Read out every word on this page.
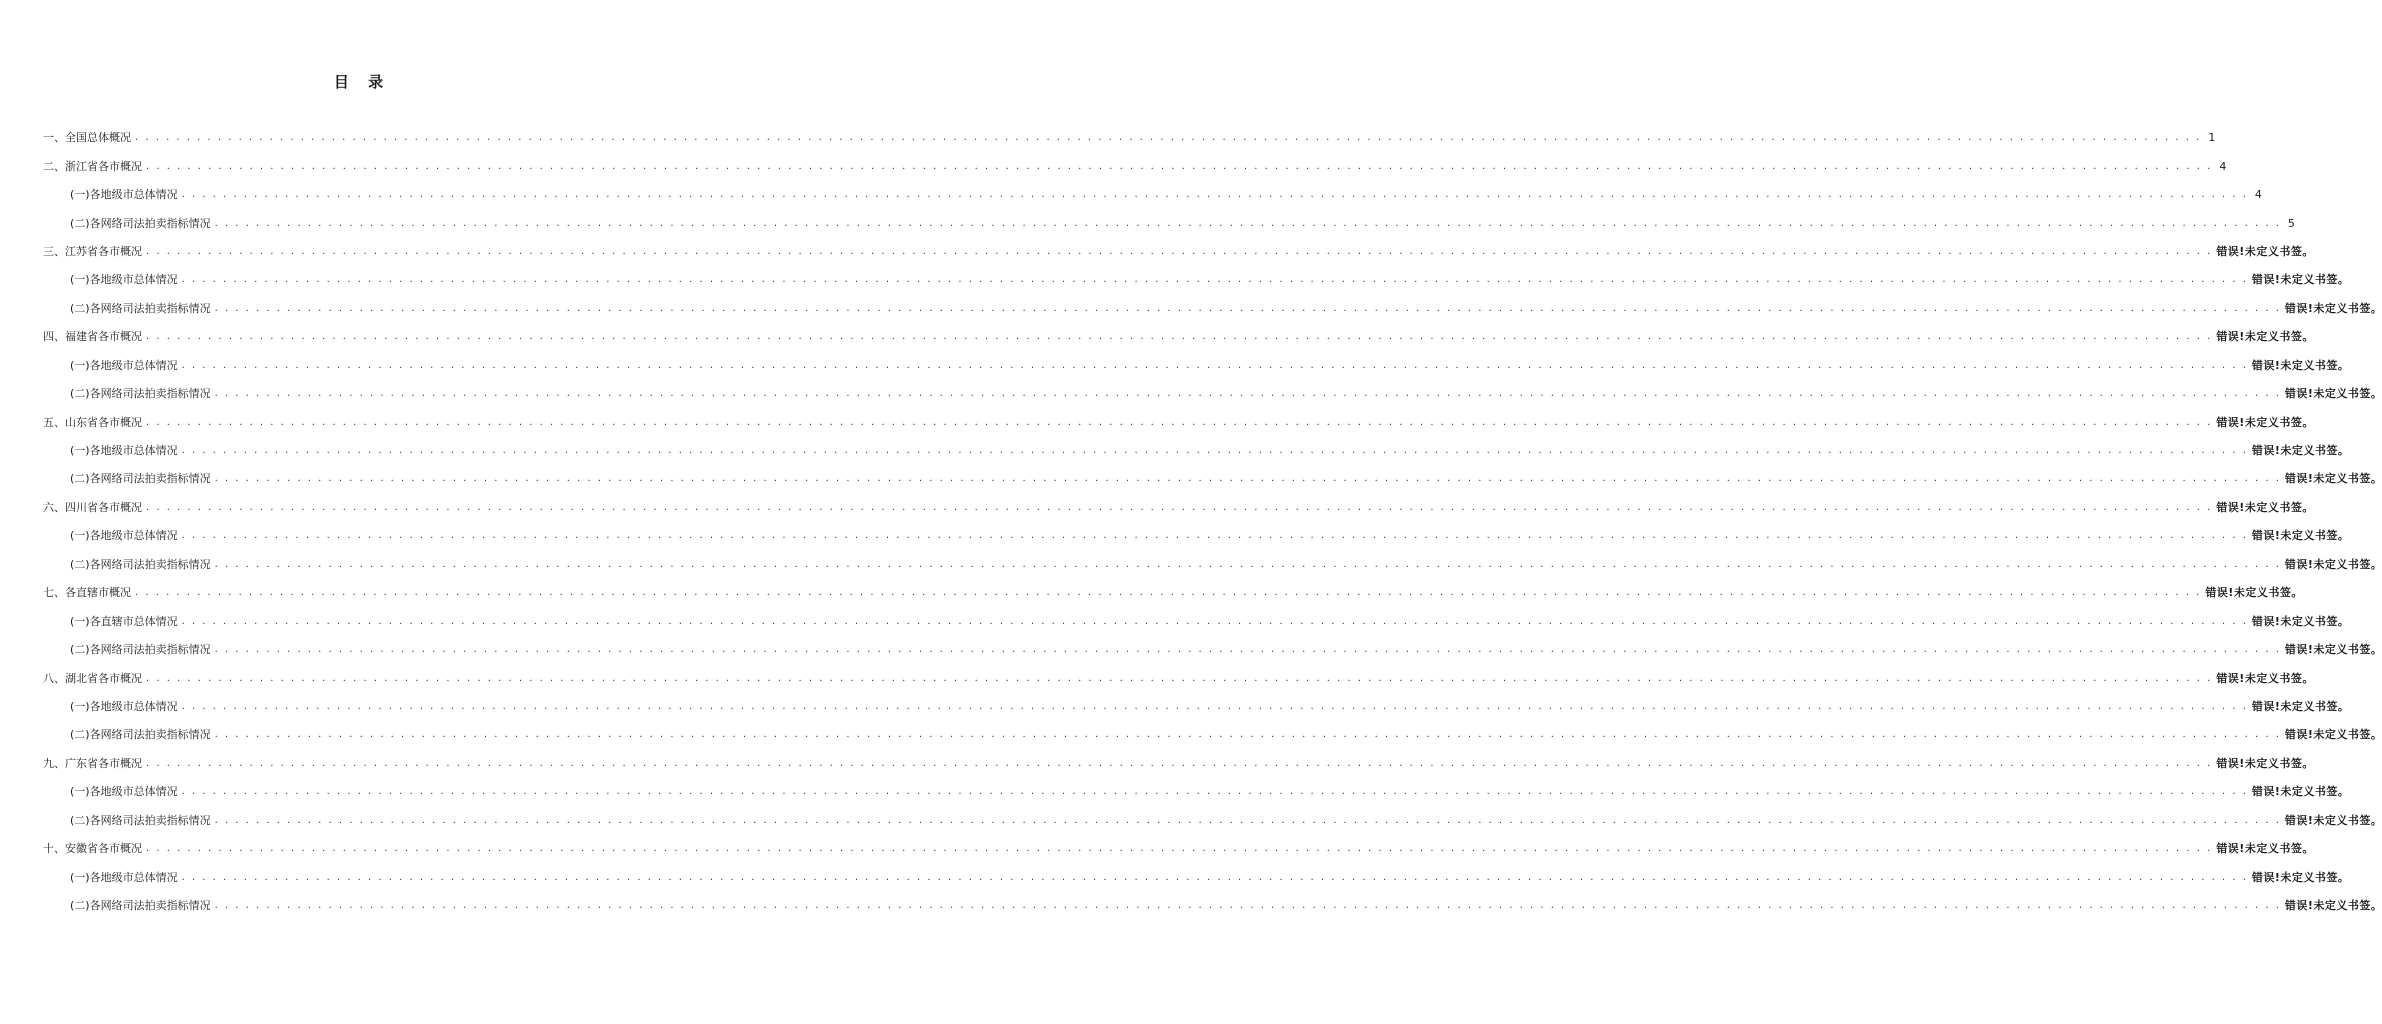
目 录
一、 全国总体概况 . . . . . . . . . . . . . . . . . . . . . . . . . . . . . . . . . . . . . . . . . . . . . . . . . . . . . . . . . . . . . . . . . . . . . . . . . . . . . . . . . . . . . . . . . . . . . . . . . . . . . . . . . . . . . . . . . . . . . . . . . . . . . . . . . . . . . . . . . . . . . . . . . . . . . . . . . . . . . . . . . . . . . . . . . . . . . . . . . . . . . . . . . . . . . . . . . . . . . . . . 1
二、 浙江省各市概况 . . . . . . . . . . . . . . . . . . . . . . . . . . . . . . . . . . . . . . . . . . . . . . . . . . . . . . . . . . . . . . . . . . . . . . . . . . . . . . . . . . . . . . . . . . . . . . . . . . . . . . . . . . . . . . . . . . . . . . . . . . . . . . . . . . . . . . . . . . . . . . . . . . . . . . . . . . . . . . . . . . . . . . . . . . . . . . . . . . . . . . . . . . . . . . . . . . . . . . . . 4
(一) 各地级市总体情况 . . . . . . . . . . . . . . . . . . . . . . . . . . . . . . . . . . . . . . . . . . . . . . . . . . . . . . . . . . . . . . . . . . . . . . . . . . . . . . . . . . . . . . . . . . . . . . . . . . . . . . . . . . . . . . . . . . . . . . . . . . . . . . . . . . . . . . . . . . . . . . . . . . . . . . . . . . . . . . . . . . . . . . . . . . . . . . . . . . . . . . . . . . . . . . . . . . . . . . . . 4
(二) 各网络司法拍卖指标情况 . . . . . . . . . . . . . . . . . . . . . . . . . . . . . . . . . . . . . . . . . . . . . . . . . . . . . . . . . . . . . . . . . . . . . . . . . . . . . . . . . . . . . . . . . . . . . . . . . . . . . . . . . . . . . . . . . . . . . . . . . . . . . . . . . . . . . . . . . . . . . . . . . . . . . . . . . . . . . . . . . . . . . . . . . . . . . . . . . . . . . . . . . . . . . . . . . . . . . . . . 5
三、 江苏省各市概况 . . . . . . . . . . . . . . . . . . . . . . . . . . . . . . . . . . . . . . . . . . . . . . . . . . . . . . . . . . . . . . . . . . . . . . . . . . . . . . . . . . . . . . . . . . . . . . . . . . . . . . . . . . . . . . . . . . . . . . . . . . . . . . . . . . . . . . . . . . . . . . . . . . . . . . . . . . . . . . . . . . . . . . . . . . . . . . . . . . . . . . . . . . . . . . . . . . . . . . . . 错误!未定义书签。
(一) 各地级市总体情况 . . . . . . . . . . . . . . . . . . . . . . . . . . . . . . . . . . . . . . . . . . . . . . . . . . . . . . . . . . . . . . . . . . . . . . . . . . . . . . . . . . . . . . . . . . . . . . . . . . . . . . . . . . . . . . . . . . . . . . . . . . . . . . . . . . . . . . . . . . . . . . . . . . . . . . . . . . . . . . . . . . . . . . . . . . . . . . . . . . . . . . . . . . . . . . . . . . . . . . . . 错误!未定义书签。
(二) 各网络司法拍卖指标情况 . . . . . . . . . . . . . . . . . . . . . . . . . . . . . . . . . . . . . . . . . . . . . . . . . . . . . . . . . . . . . . . . . . . . . . . . . . . . . . . . . . . . . . . . . . . . . . . . . . . . . . . . . . . . . . . . . . . . . . . . . . . . . . . . . . . . . . . . . . . . . . . . . . . . . . . . . . . . . . . . . . . . . . . . . . . . . . . . . . . . . . . . . . . . . . . . . . . . . . . . 错误!未定义书签。
四、 福建省各市概况 . . . . . . . . . . . . . . . . . . . . . . . . . . . . . . . . . . . . . . . . . . . . . . . . . . . . . . . . . . . . . . . . . . . . . . . . . . . . . . . . . . . . . . . . . . . . . . . . . . . . . . . . . . . . . . . . . . . . . . . . . . . . . . . . . . . . . . . . . . . . . . . . . . . . . . . . . . . . . . . . . . . . . . . . . . . . . . . . . . . . . . . . . . . . . . . . . . . . . . . . 错误!未定义书签。
(一) 各地级市总体情况 . . . . . . . . . . . . . . . . . . . . . . . . . . . . . . . . . . . . . . . . . . . . . . . . . . . . . . . . . . . . . . . . . . . . . . . . . . . . . . . . . . . . . . . . . . . . . . . . . . . . . . . . . . . . . . . . . . . . . . . . . . . . . . . . . . . . . . . . . . . . . . . . . . . . . . . . . . . . . . . . . . . . . . . . . . . . . . . . . . . . . . . . . . . . . . . . . . . . . . . . 错误!未定义书签。
(二) 各网络司法拍卖指标情况 . . . . . . . . . . . . . . . . . . . . . . . . . . . . . . . . . . . . . . . . . . . . . . . . . . . . . . . . . . . . . . . . . . . . . . . . . . . . . . . . . . . . . . . . . . . . . . . . . . . . . . . . . . . . . . . . . . . . . . . . . . . . . . . . . . . . . . . . . . . . . . . . . . . . . . . . . . . . . . . . . . . . . . . . . . . . . . . . . . . . . . . . . . . . . . . . . . . . . . . . 错误!未定义书签。
五、 山东省各市概况 . . . . . . . . . . . . . . . . . . . . . . . . . . . . . . . . . . . . . . . . . . . . . . . . . . . . . . . . . . . . . . . . . . . . . . . . . . . . . . . . . . . . . . . . . . . . . . . . . . . . . . . . . . . . . . . . . . . . . . . . . . . . . . . . . . . . . . . . . . . . . . . . . . . . . . . . . . . . . . . . . . . . . . . . . . . . . . . . . . . . . . . . . . . . . . . . . . . . . . . . 错误!未定义书签。
(一) 各地级市总体情况 . . . . . . . . . . . . . . . . . . . . . . . . . . . . . . . . . . . . . . . . . . . . . . . . . . . . . . . . . . . . . . . . . . . . . . . . . . . . . . . . . . . . . . . . . . . . . . . . . . . . . . . . . . . . . . . . . . . . . . . . . . . . . . . . . . . . . . . . . . . . . . . . . . . . . . . . . . . . . . . . . . . . . . . . . . . . . . . . . . . . . . . . . . . . . . . . . . . . . . . . 错误!未定义书签。
(二) 各网络司法拍卖指标情况 . . . . . . . . . . . . . . . . . . . . . . . . . . . . . . . . . . . . . . . . . . . . . . . . . . . . . . . . . . . . . . . . . . . . . . . . . . . . . . . . . . . . . . . . . . . . . . . . . . . . . . . . . . . . . . . . . . . . . . . . . . . . . . . . . . . . . . . . . . . . . . . . . . . . . . . . . . . . . . . . . . . . . . . . . . . . . . . . . . . . . . . . . . . . . . . . . . . . . . . . 错误!未定义书签。
六、 四川省各市概况 . . . . . . . . . . . . . . . . . . . . . . . . . . . . . . . . . . . . . . . . . . . . . . . . . . . . . . . . . . . . . . . . . . . . . . . . . . . . . . . . . . . . . . . . . . . . . . . . . . . . . . . . . . . . . . . . . . . . . . . . . . . . . . . . . . . . . . . . . . . . . . . . . . . . . . . . . . . . . . . . . . . . . . . . . . . . . . . . . . . . . . . . . . . . . . . . . . . . . . . . 错误!未定义书签。
(一) 各地级市总体情况 . . . . . . . . . . . . . . . . . . . . . . . . . . . . . . . . . . . . . . . . . . . . . . . . . . . . . . . . . . . . . . . . . . . . . . . . . . . . . . . . . . . . . . . . . . . . . . . . . . . . . . . . . . . . . . . . . . . . . . . . . . . . . . . . . . . . . . . . . . . . . . . . . . . . . . . . . . . . . . . . . . . . . . . . . . . . . . . . . . . . . . . . . . . . . . . . . . . . . . . . 错误!未定义书签。
(二) 各网络司法拍卖指标情况 . . . . . . . . . . . . . . . . . . . . . . . . . . . . . . . . . . . . . . . . . . . . . . . . . . . . . . . . . . . . . . . . . . . . . . . . . . . . . . . . . . . . . . . . . . . . . . . . . . . . . . . . . . . . . . . . . . . . . . . . . . . . . . . . . . . . . . . . . . . . . . . . . . . . . . . . . . . . . . . . . . . . . . . . . . . . . . . . . . . . . . . . . . . . . . . . . . . . . . . . 错误!未定义书签。
七、 各直辖市概况 . . . . . . . . . . . . . . . . . . . . . . . . . . . . . . . . . . . . . . . . . . . . . . . . . . . . . . . . . . . . . . . . . . . . . . . . . . . . . . . . . . . . . . . . . . . . . . . . . . . . . . . . . . . . . . . . . . . . . . . . . . . . . . . . . . . . . . . . . . . . . . . . . . . . . . . . . . . . . . . . . . . . . . . . . . . . . . . . . . . . . . . . . . . . . . . . . . . . . . . . 错误!未定义书签。
(一) 各直辖市总体情况 . . . . . . . . . . . . . . . . . . . . . . . . . . . . . . . . . . . . . . . . . . . . . . . . . . . . . . . . . . . . . . . . . . . . . . . . . . . . . . . . . . . . . . . . . . . . . . . . . . . . . . . . . . . . . . . . . . . . . . . . . . . . . . . . . . . . . . . . . . . . . . . . . . . . . . . . . . . . . . . . . . . . . . . . . . . . . . . . . . . . . . . . . . . . . . . . . . . . . . . . 错误!未定义书签。
(二) 各网络司法拍卖指标情况 . . . . . . . . . . . . . . . . . . . . . . . . . . . . . . . . . . . . . . . . . . . . . . . . . . . . . . . . . . . . . . . . . . . . . . . . . . . . . . . . . . . . . . . . . . . . . . . . . . . . . . . . . . . . . . . . . . . . . . . . . . . . . . . . . . . . . . . . . . . . . . . . . . . . . . . . . . . . . . . . . . . . . . . . . . . . . . . . . . . . . . . . . . . . . . . . . . . . . . . . 错误!未定义书签。
八、 湖北省各市概况 . . . . . . . . . . . . . . . . . . . . . . . . . . . . . . . . . . . . . . . . . . . . . . . . . . . . . . . . . . . . . . . . . . . . . . . . . . . . . . . . . . . . . . . . . . . . . . . . . . . . . . . . . . . . . . . . . . . . . . . . . . . . . . . . . . . . . . . . . . . . . . . . . . . . . . . . . . . . . . . . . . . . . . . . . . . . . . . . . . . . . . . . . . . . . . . . . . . . . . . . 错误!未定义书签。
(一) 各地级市总体情况 . . . . . . . . . . . . . . . . . . . . . . . . . . . . . . . . . . . . . . . . . . . . . . . . . . . . . . . . . . . . . . . . . . . . . . . . . . . . . . . . . . . . . . . . . . . . . . . . . . . . . . . . . . . . . . . . . . . . . . . . . . . . . . . . . . . . . . . . . . . . . . . . . . . . . . . . . . . . . . . . . . . . . . . . . . . . . . . . . . . . . . . . . . . . . . . . . . . . . . . . 错误!未定义书签。
(二) 各网络司法拍卖指标情况 . . . . . . . . . . . . . . . . . . . . . . . . . . . . . . . . . . . . . . . . . . . . . . . . . . . . . . . . . . . . . . . . . . . . . . . . . . . . . . . . . . . . . . . . . . . . . . . . . . . . . . . . . . . . . . . . . . . . . . . . . . . . . . . . . . . . . . . . . . . . . . . . . . . . . . . . . . . . . . . . . . . . . . . . . . . . . . . . . . . . . . . . . . . . . . . . . . . . . . . . 错误!未定义书签。
九、 广东省各市概况 . . . . . . . . . . . . . . . . . . . . . . . . . . . . . . . . . . . . . . . . . . . . . . . . . . . . . . . . . . . . . . . . . . . . . . . . . . . . . . . . . . . . . . . . . . . . . . . . . . . . . . . . . . . . . . . . . . . . . . . . . . . . . . . . . . . . . . . . . . . . . . . . . . . . . . . . . . . . . . . . . . . . . . . . . . . . . . . . . . . . . . . . . . . . . . . . . . . . . . . . 错误!未定义书签。
(一) 各地级市总体情况 . . . . . . . . . . . . . . . . . . . . . . . . . . . . . . . . . . . . . . . . . . . . . . . . . . . . . . . . . . . . . . . . . . . . . . . . . . . . . . . . . . . . . . . . . . . . . . . . . . . . . . . . . . . . . . . . . . . . . . . . . . . . . . . . . . . . . . . . . . . . . . . . . . . . . . . . . . . . . . . . . . . . . . . . . . . . . . . . . . . . . . . . . . . . . . . . . . . . . . . . 错误!未定义书签。
(二) 各网络司法拍卖指标情况 . . . . . . . . . . . . . . . . . . . . . . . . . . . . . . . . . . . . . . . . . . . . . . . . . . . . . . . . . . . . . . . . . . . . . . . . . . . . . . . . . . . . . . . . . . . . . . . . . . . . . . . . . . . . . . . . . . . . . . . . . . . . . . . . . . . . . . . . . . . . . . . . . . . . . . . . . . . . . . . . . . . . . . . . . . . . . . . . . . . . . . . . . . . . . . . . . . . . . . . . 错误!未定义书签。
十、 安徽省各市概况 . . . . . . . . . . . . . . . . . . . . . . . . . . . . . . . . . . . . . . . . . . . . . . . . . . . . . . . . . . . . . . . . . . . . . . . . . . . . . . . . . . . . . . . . . . . . . . . . . . . . . . . . . . . . . . . . . . . . . . . . . . . . . . . . . . . . . . . . . . . . . . . . . . . . . . . . . . . . . . . . . . . . . . . . . . . . . . . . . . . . . . . . . . . . . . . . . . . . . . . . 错误!未定义书签。
(一) 各地级市总体情况 . . . . . . . . . . . . . . . . . . . . . . . . . . . . . . . . . . . . . . . . . . . . . . . . . . . . . . . . . . . . . . . . . . . . . . . . . . . . . . . . . . . . . . . . . . . . . . . . . . . . . . . . . . . . . . . . . . . . . . . . . . . . . . . . . . . . . . . . . . . . . . . . . . . . . . . . . . . . . . . . . . . . . . . . . . . . . . . . . . . . . . . . . . . . . . . . . . . . . . . . 错误!未定义书签。
(二) 各网络司法拍卖指标情况 . . . . . . . . . . . . . . . . . . . . . . . . . . . . . . . . . . . . . . . . . . . . . . . . . . . . . . . . . . . . . . . . . . . . . . . . . . . . . . . . . . . . . . . . . . . . . . . . . . . . . . . . . . . . . . . . . . . . . . . . . . . . . . . . . . . . . . . . . . . . . . . . . . . . . . . . . . . . . . . . . . . . . . . . . . . . . . . . . . . . . . . . . . . . . . . . . . . . . . . . 错误!未定义书签。
